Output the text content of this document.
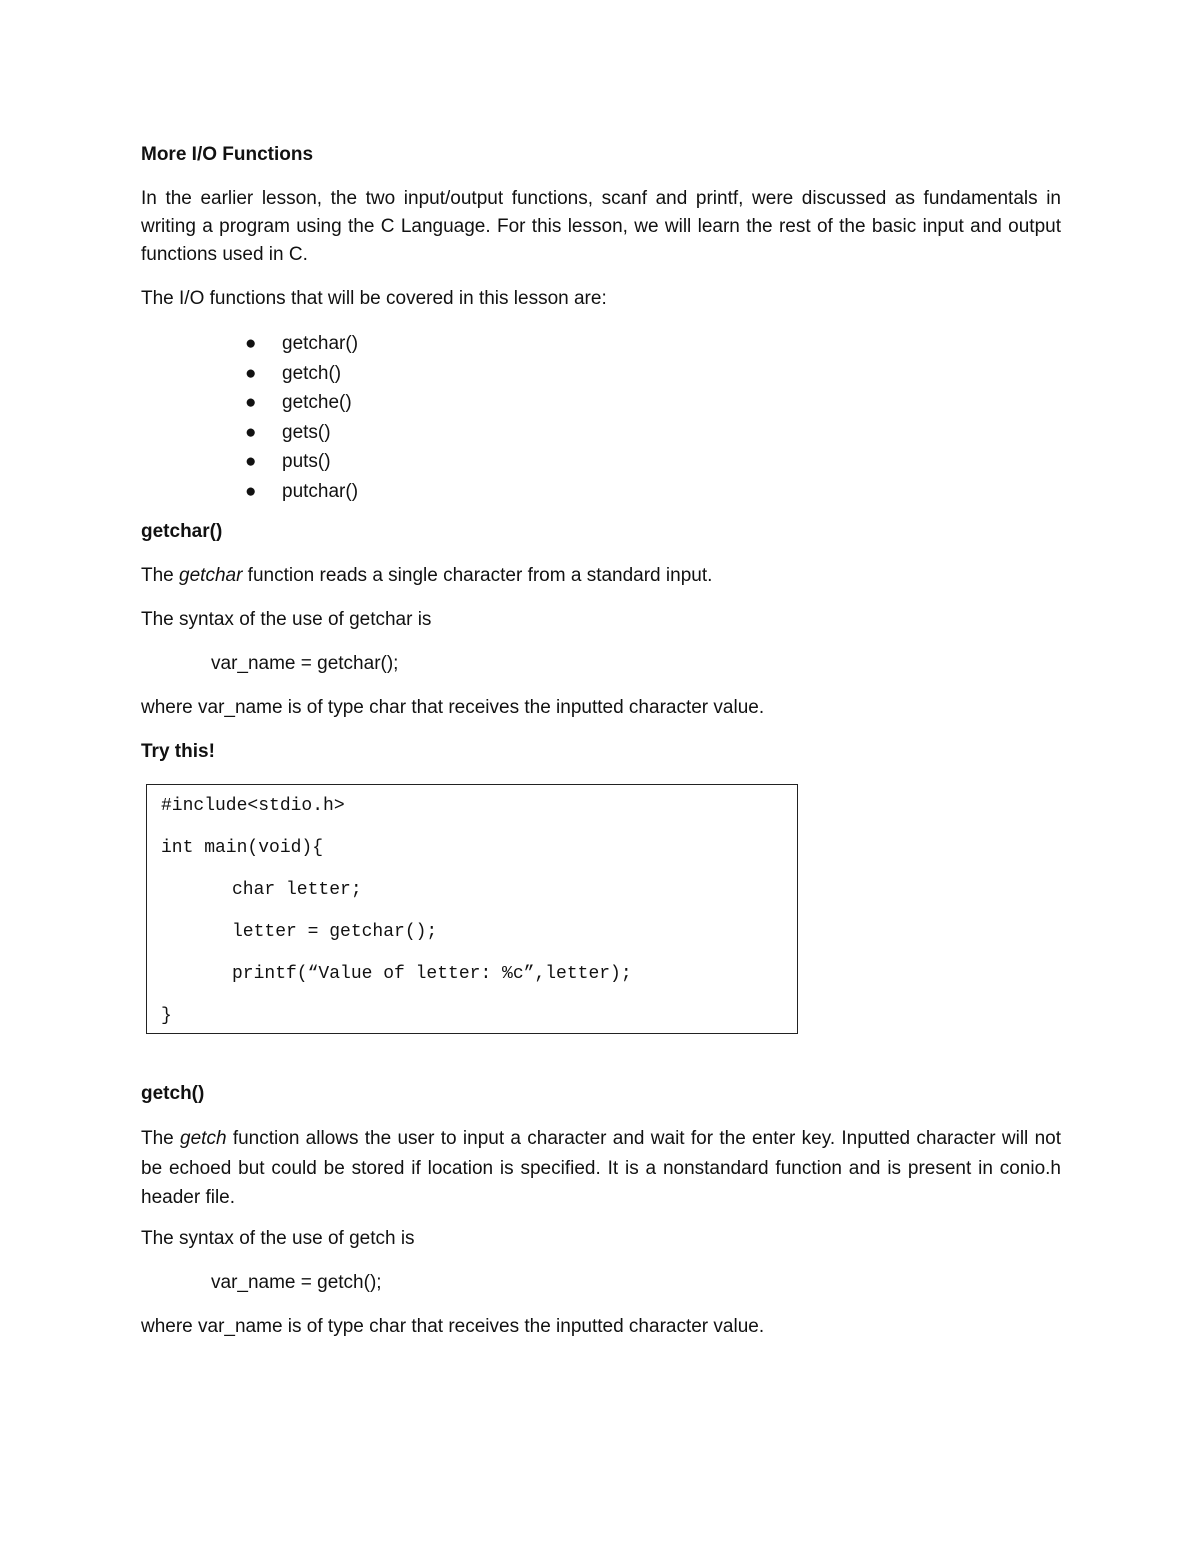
More I/O Functions

In the earlier lesson, the two input/output functions, scanf and printf, were discussed as fundamentals in writing a program using the C Language. For this lesson, we will learn the rest of the basic input and output functions used in C.

The I/O functions that will be covered in this lesson are:

● getchar()
● getch()
● getche()
● gets()
● puts()
● putchar()

getchar()

The getchar function reads a single character from a standard input.

The syntax of the use of getchar is

var_name = getchar();

where var_name is of type char that receives the inputted character value.

Try this!

#include<stdio.h>
int main(void){
char letter;
letter = getchar();
printf(“Value of letter: %c”,letter);
}

getch()

The getch function allows the user to input a character and wait for the enter key. Inputted character will not be echoed but could be stored if location is specified. It is a nonstandard function and is present in conio.h header file.

The syntax of the use of getch is

var_name = getch();

where var_name is of type char that receives the inputted character value.
